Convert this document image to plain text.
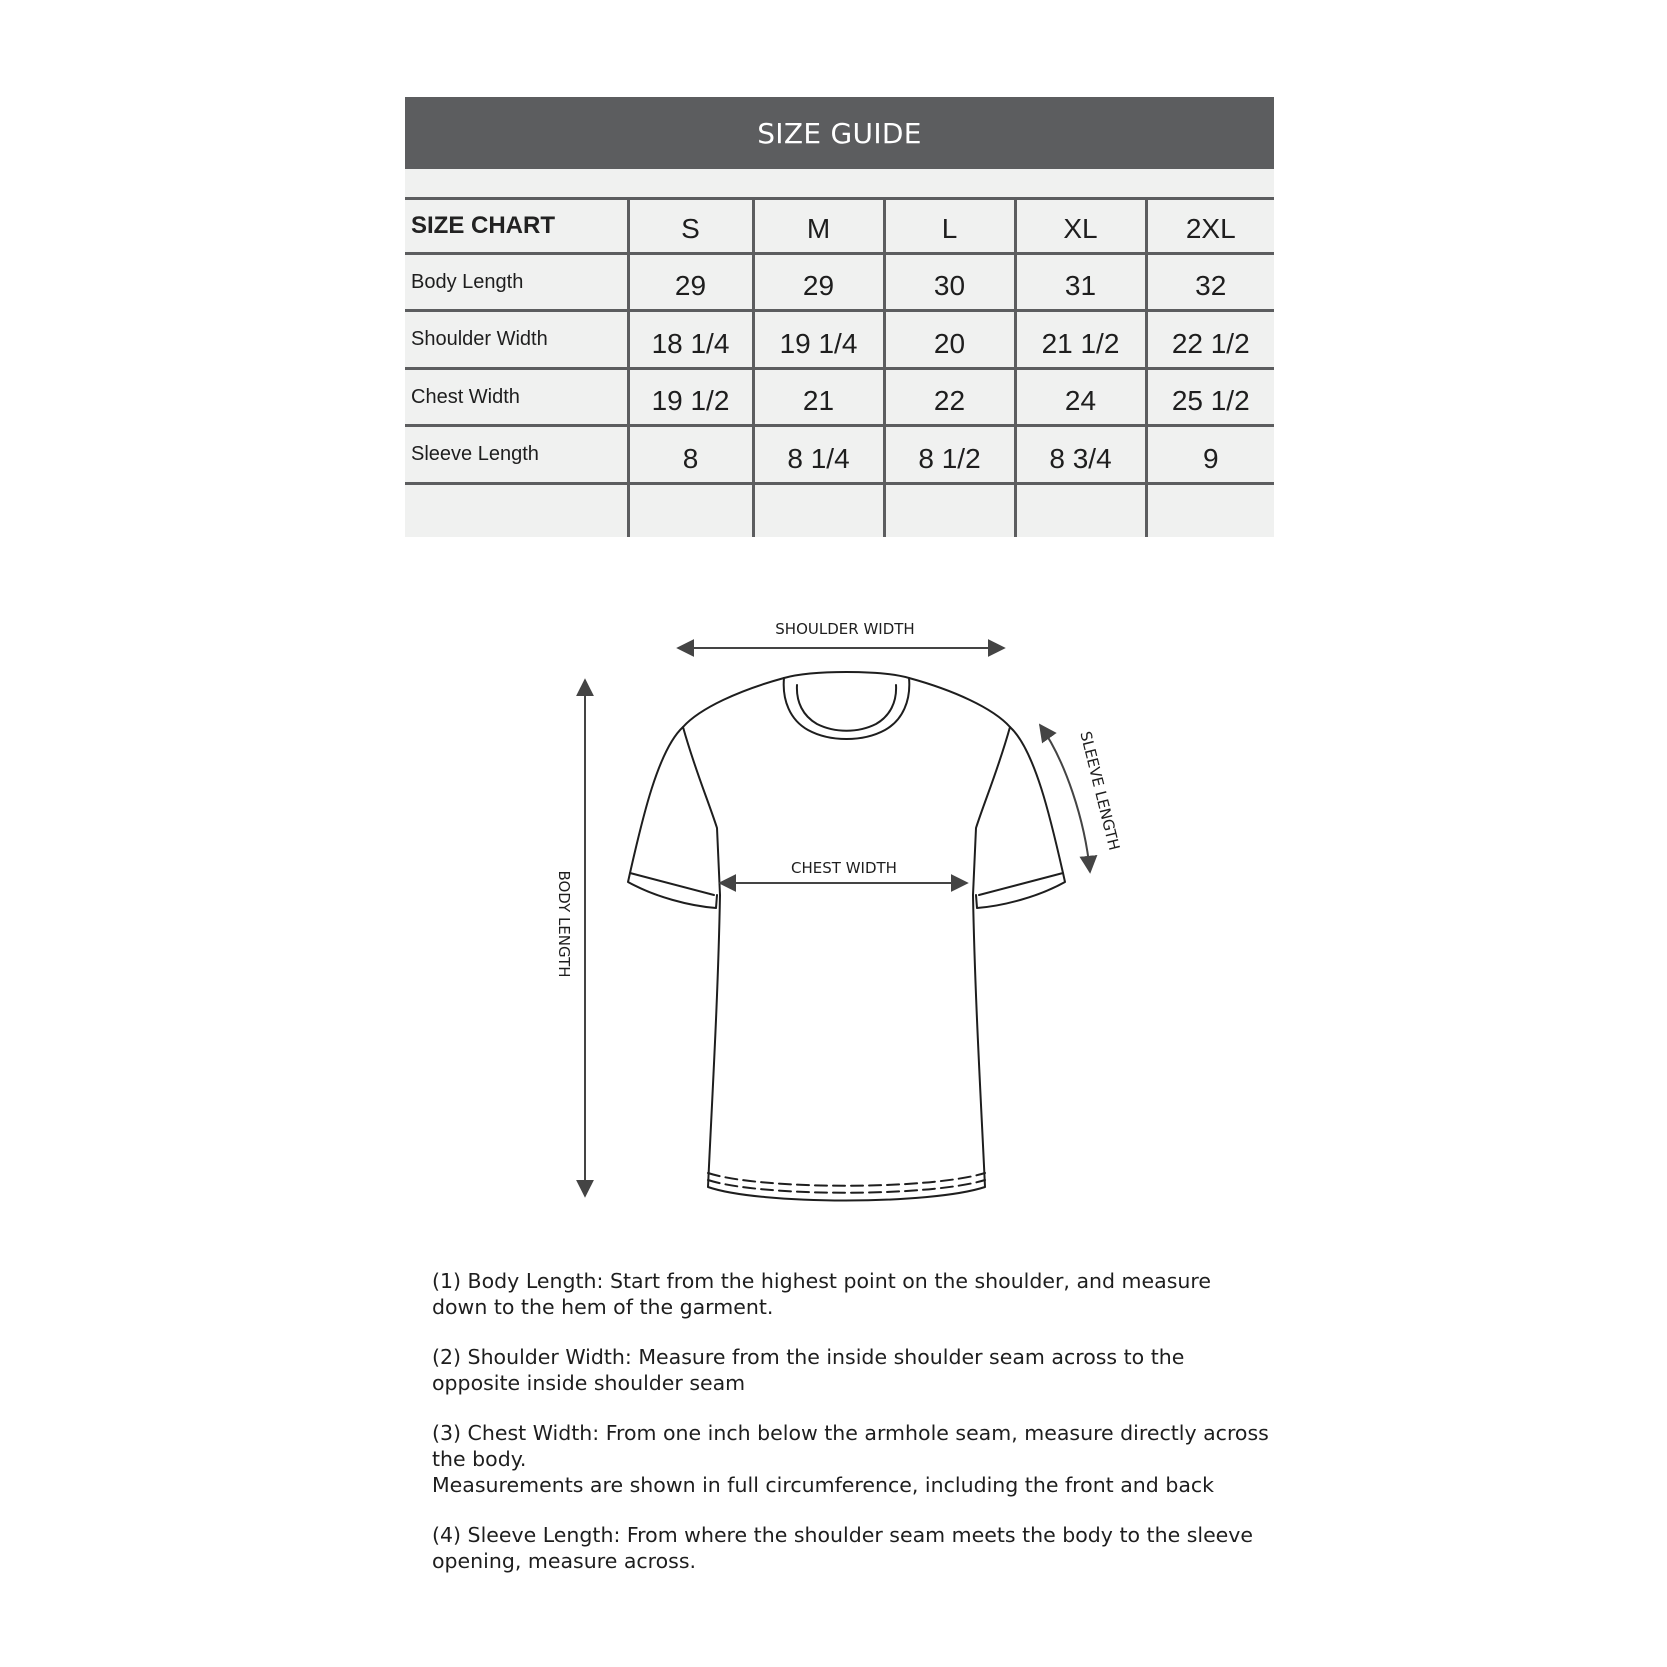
SIZE GUIDE
SIZE CHART	S	M	L	XL	2XL
Body Length	29	29	30	31	32
Shoulder Width	18 1/4	19 1/4	20	21 1/2	22 1/2
Chest Width	19 1/2	21	22	24	25 1/2
Sleeve Length	8	8 1/4	8 1/2	8 3/4	9

SHOULDER WIDTH
CHEST WIDTH
BODY LENGTH
SLEEVE LENGTH

(1) Body Length: Start from the highest point on the shoulder, and measure down to the hem of the garment.

(2) Shoulder Width: Measure from the inside shoulder seam across to the opposite inside shoulder seam

(3) Chest Width: From one inch below the armhole seam, measure directly across the body.
Measurements are shown in full circumference, including the front and back

(4) Sleeve Length: From where the shoulder seam meets the body to the sleeve opening, measure across.
